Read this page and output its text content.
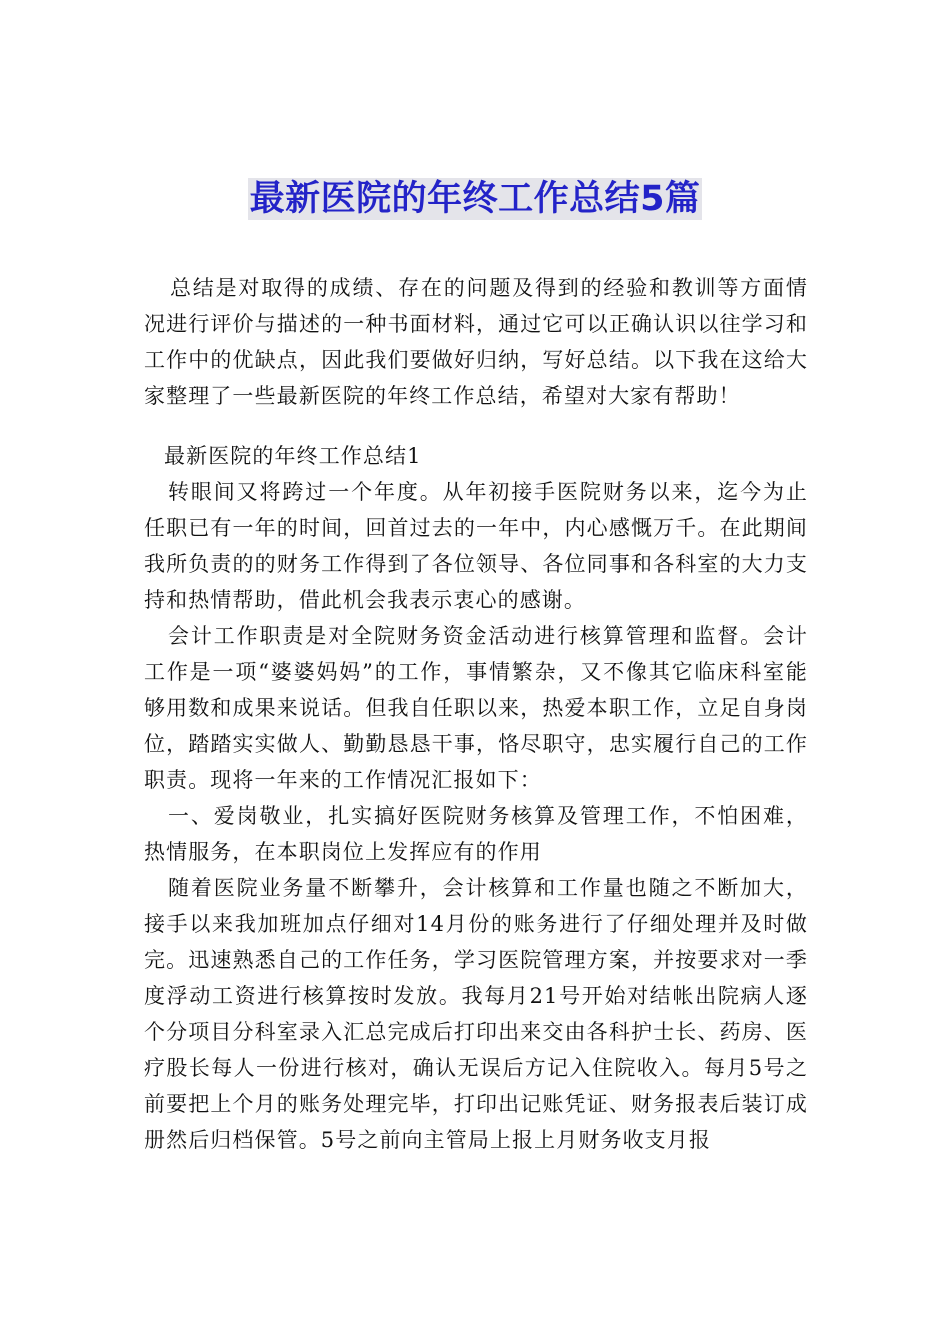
最新医院的年终工作总结5篇

总结是对取得的成绩、存在的问题及得到的经验和教训等方面情况进行评价与描述的一种书面材料，通过它可以正确认识以往学习和工作中的优缺点，因此我们要做好归纳，写好总结。以下我在这给大家整理了一些最新医院的年终工作总结，希望对大家有帮助！

最新医院的年终工作总结1

转眼间又将跨过一个年度。从年初接手医院财务以来，迄今为止任职已有一年的时间，回首过去的一年中，内心感慨万千。在此期间我所负责的的财务工作得到了各位领导、各位同事和各科室的大力支持和热情帮助，借此机会我表示衷心的感谢。

会计工作职责是对全院财务资金活动进行核算管理和监督。会计工作是一项“婆婆妈妈”的工作，事情繁杂，又不像其它临床科室能够用数和成果来说话。但我自任职以来，热爱本职工作，立足自身岗位，踏踏实实做人、勤勤恳恳干事，恪尽职守，忠实履行自己的工作职责。现将一年来的工作情况汇报如下：

一、爱岗敬业，扎实搞好医院财务核算及管理工作，不怕困难，热情服务，在本职岗位上发挥应有的作用

随着医院业务量不断攀升，会计核算和工作量也随之不断加大，接手以来我加班加点仔细对14月份的账务进行了仔细处理并及时做完。迅速熟悉自己的工作任务，学习医院管理方案，并按要求对一季度浮动工资进行核算按时发放。我每月21号开始对结帐出院病人逐个分项目分科室录入汇总完成后打印出来交由各科护士长、药房、医疗股长每人一份进行核对，确认无误后方记入住院收入。每月5号之前要把上个月的账务处理完毕，打印出记账凭证、财务报表后装订成册然后归档保管。5号之前向主管局上报上月财务收支月报
